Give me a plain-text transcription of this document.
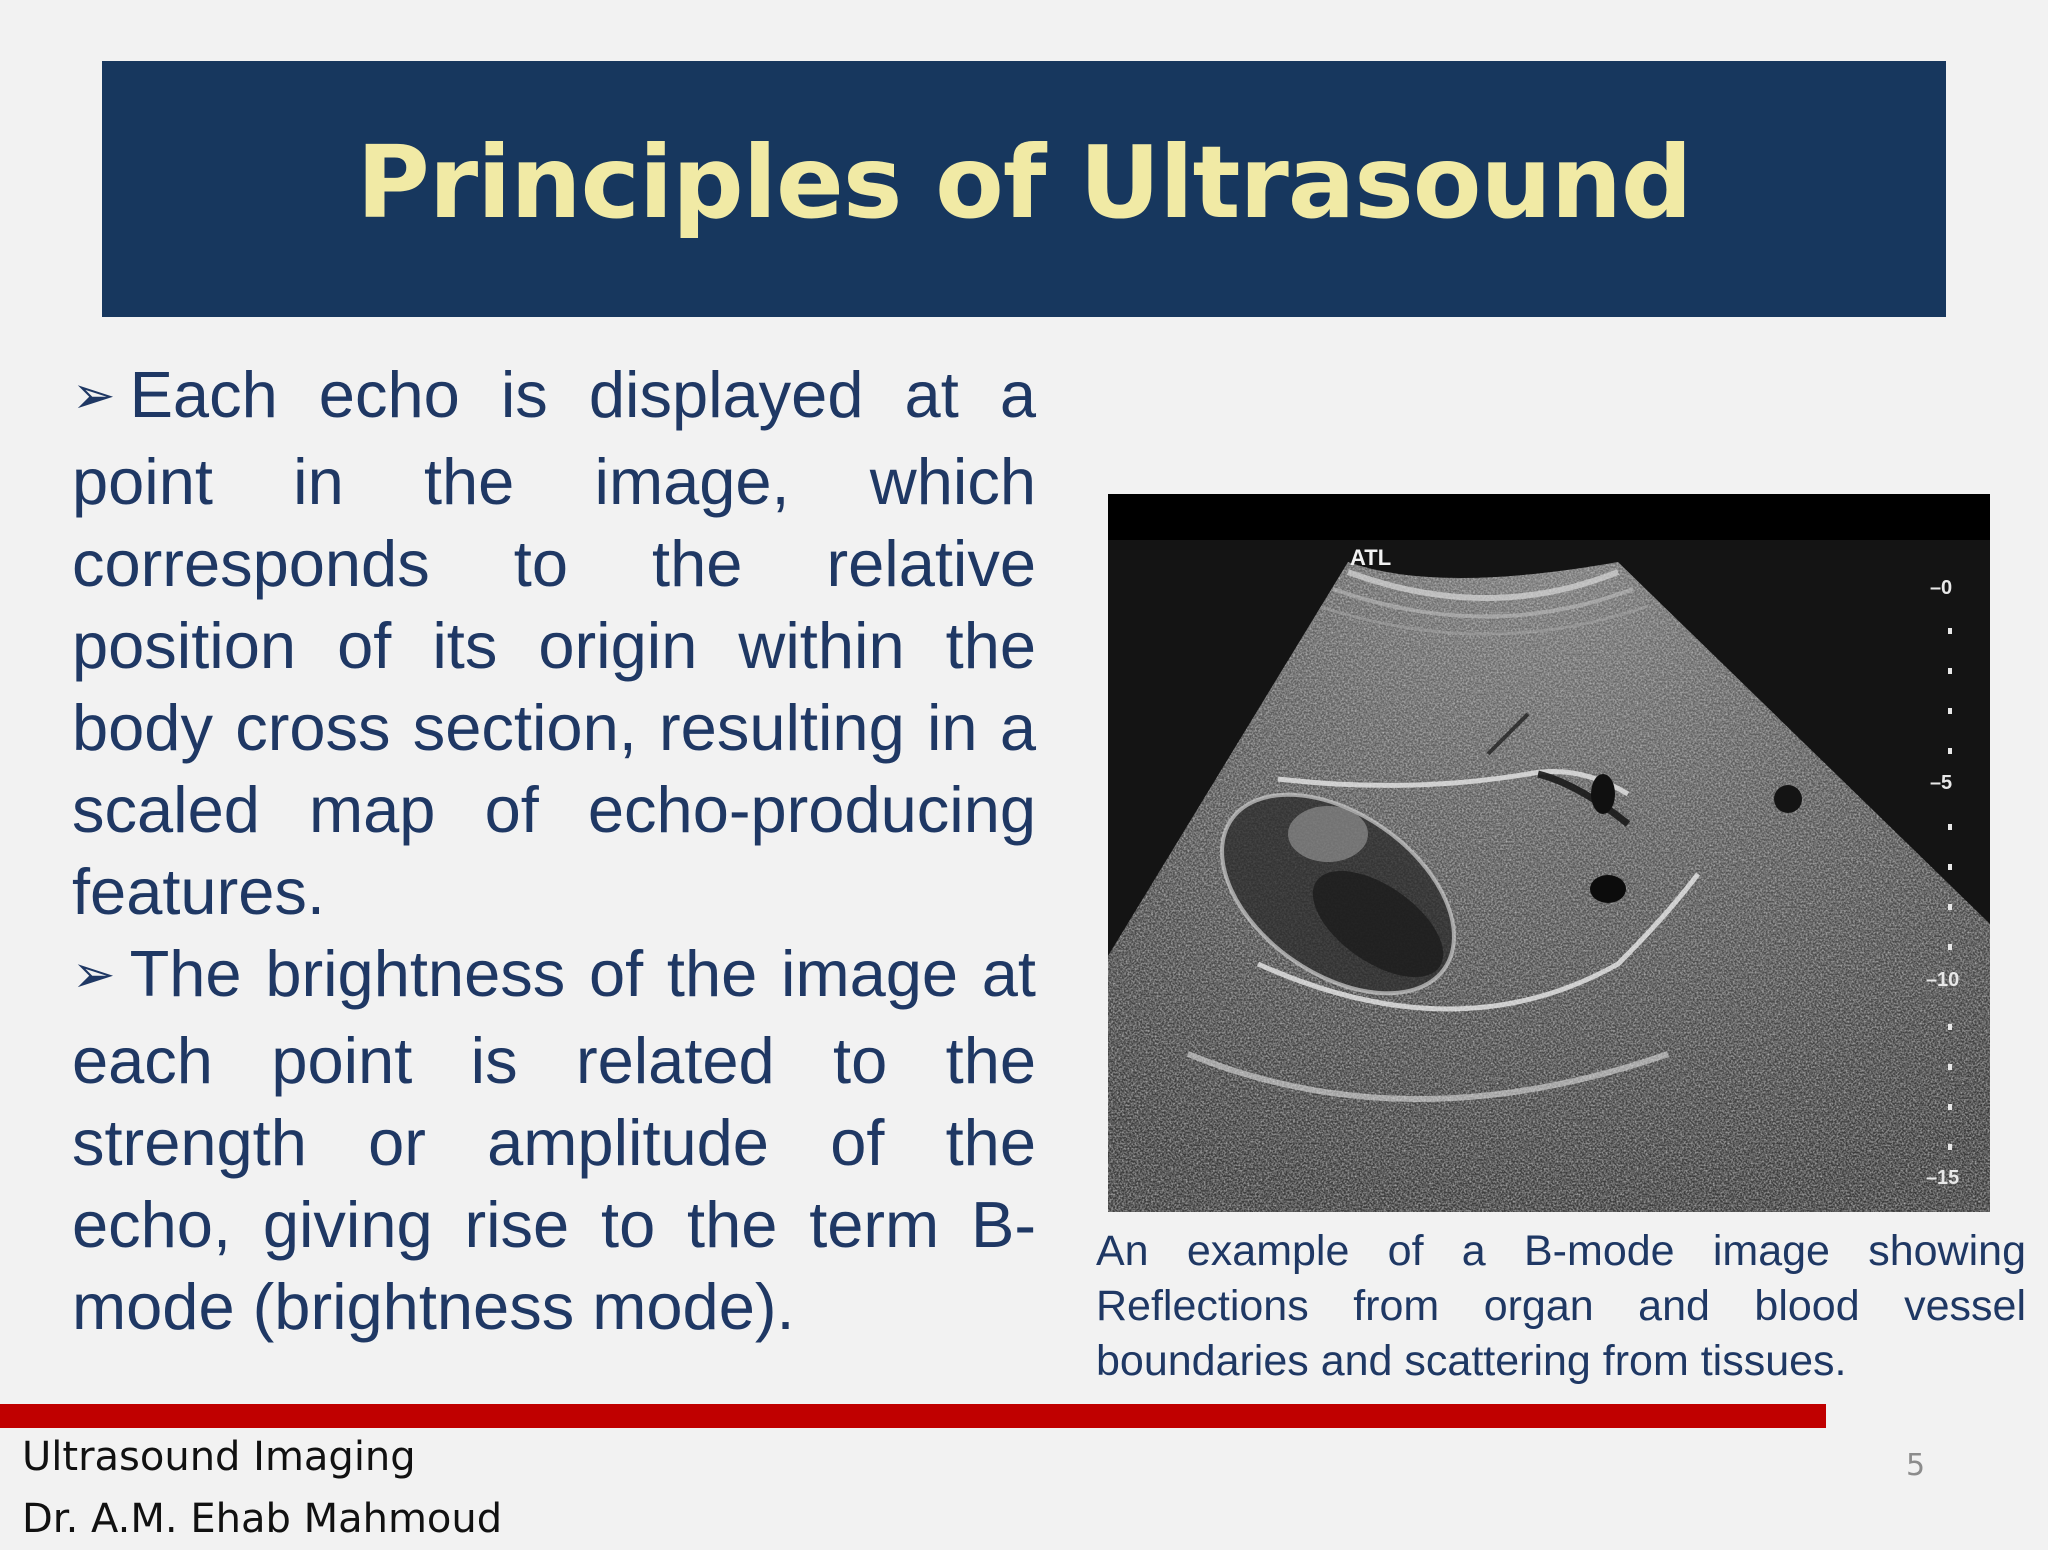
Principles of Ultrasound

➢ Each echo is displayed at a point in the image, which corresponds to the relative position of its origin within the body cross section, resulting in a scaled map of echo-producing features.

➢ The brightness of the image at each point is related to the strength or amplitude of the echo, giving rise to the term B-mode (brightness mode).

0
5
10
15
–
–
–
–
ATL
An example of a B-mode image showing Reflections from organ and blood vessel boundaries and scattering from tissues.
Ultrasound Imaging
Dr. A.M. Ehab Mahmoud
5
